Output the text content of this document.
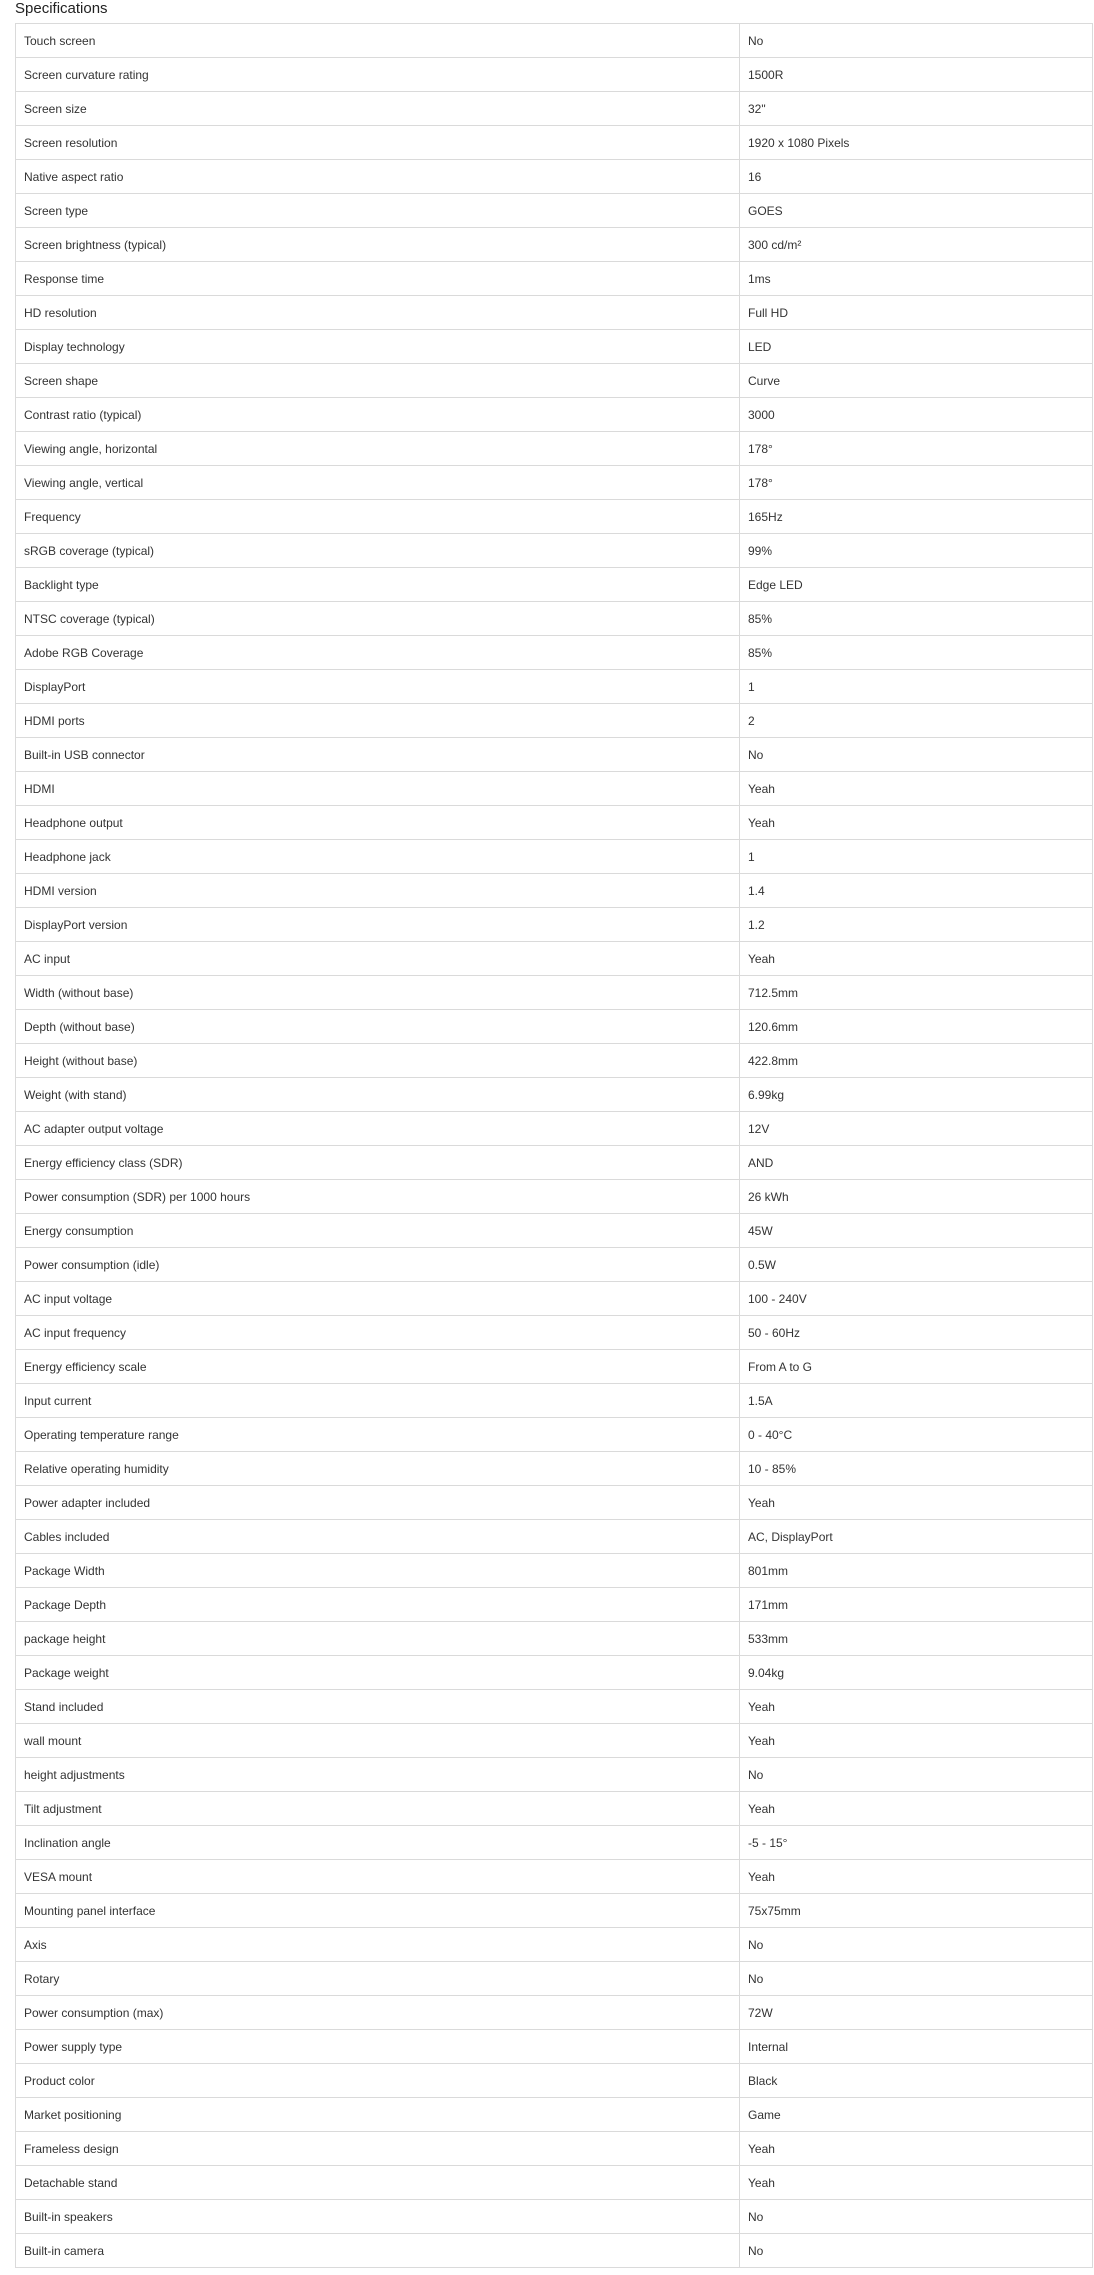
Specifications
Touch screen	No
Screen curvature rating	1500R
Screen size	32"
Screen resolution	1920 x 1080 Pixels
Native aspect ratio	16
Screen type	GOES
Screen brightness (typical)	300 cd/m²
Response time	1ms
HD resolution	Full HD
Display technology	LED
Screen shape	Curve
Contrast ratio (typical)	3000
Viewing angle, horizontal	178°
Viewing angle, vertical	178°
Frequency	165Hz
sRGB coverage (typical)	99%
Backlight type	Edge LED
NTSC coverage (typical)	85%
Adobe RGB Coverage	85%
DisplayPort	1
HDMI ports	2
Built-in USB connector	No
HDMI	Yeah
Headphone output	Yeah
Headphone jack	1
HDMI version	1.4
DisplayPort version	1.2
AC input	Yeah
Width (without base)	712.5mm
Depth (without base)	120.6mm
Height (without base)	422.8mm
Weight (with stand)	6.99kg
AC adapter output voltage	12V
Energy efficiency class (SDR)	AND
Power consumption (SDR) per 1000 hours	26 kWh
Energy consumption	45W
Power consumption (idle)	0.5W
AC input voltage	100 - 240V
AC input frequency	50 - 60Hz
Energy efficiency scale	From A to G
Input current	1.5A
Operating temperature range	0 - 40°C
Relative operating humidity	10 - 85%
Power adapter included	Yeah
Cables included	AC, DisplayPort
Package Width	801mm
Package Depth	171mm
package height	533mm
Package weight	9.04kg
Stand included	Yeah
wall mount	Yeah
height adjustments	No
Tilt adjustment	Yeah
Inclination angle	-5 - 15°
VESA mount	Yeah
Mounting panel interface	75x75mm
Axis	No
Rotary	No
Power consumption (max)	72W
Power supply type	Internal
Product color	Black
Market positioning	Game
Frameless design	Yeah
Detachable stand	Yeah
Built-in speakers	No
Built-in camera	No
